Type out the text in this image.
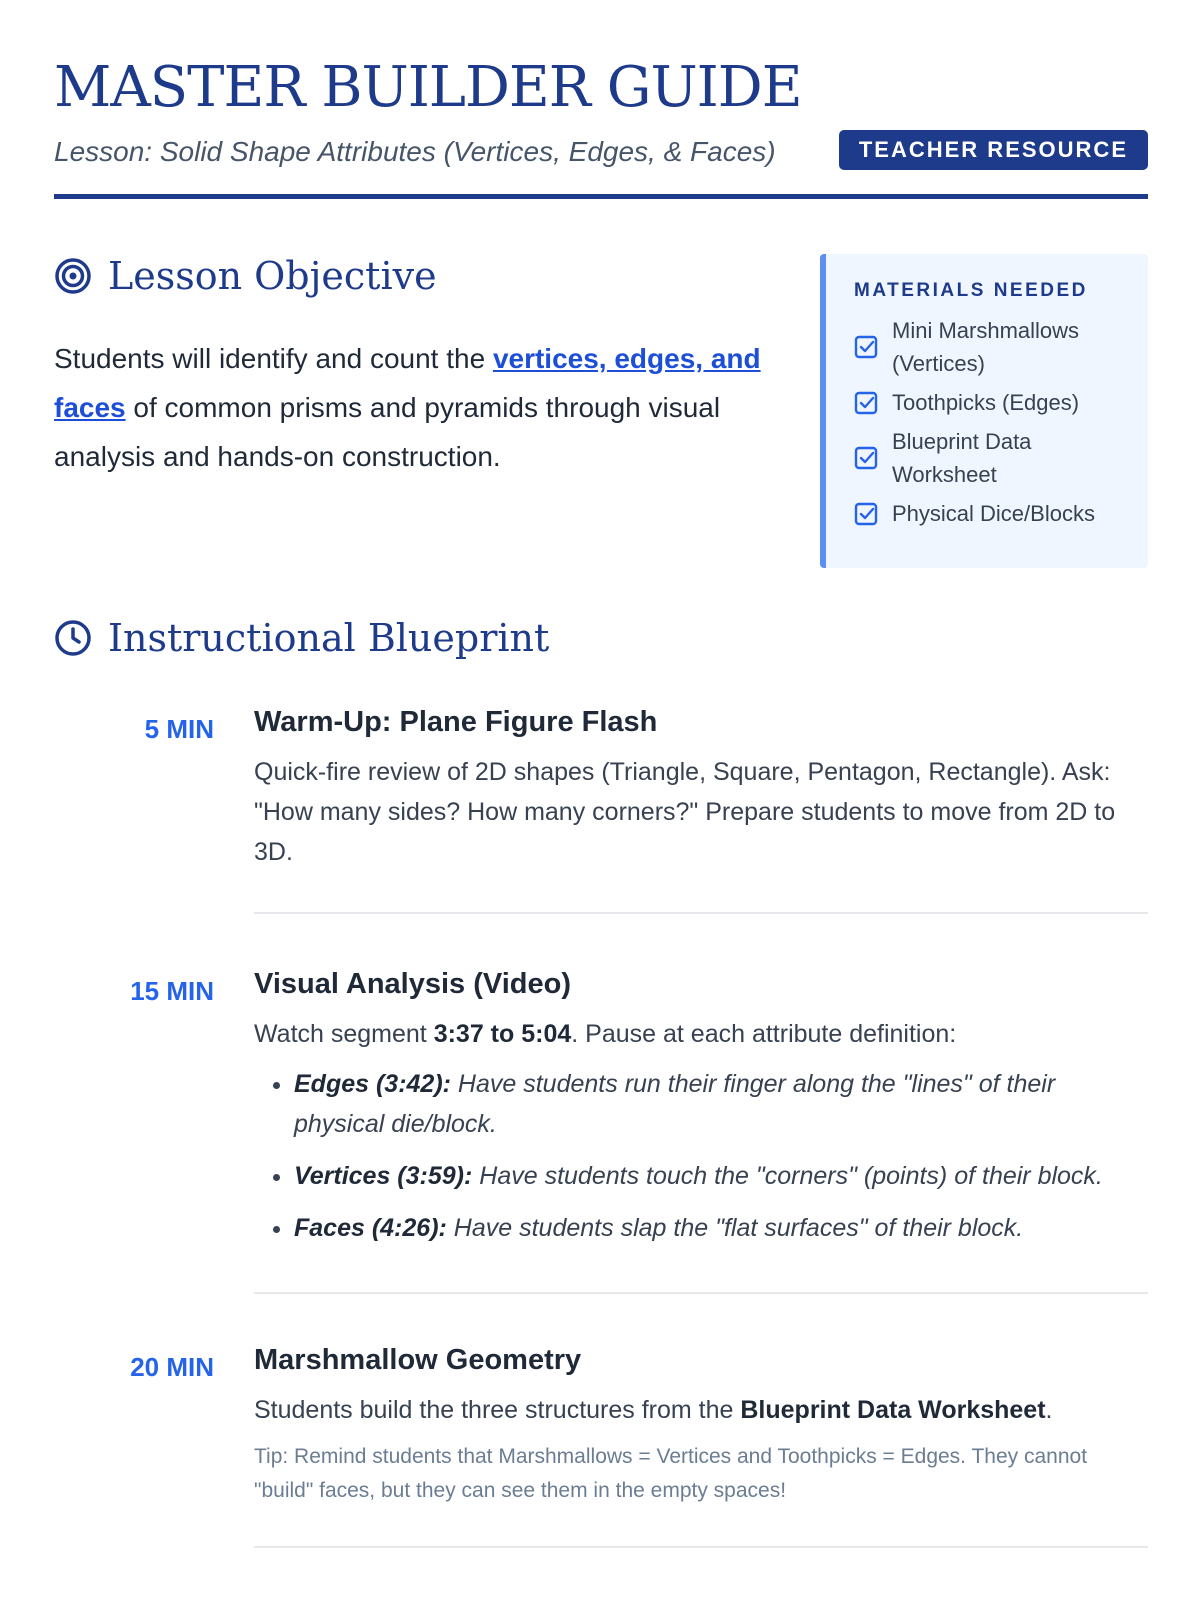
MASTER BUILDER GUIDE
Lesson: Solid Shape Attributes (Vertices, Edges, & Faces)	TEACHER RESOURCE
Lesson Objective
Students will identify and count the vertices, edges, and faces of common prisms and pyramids through visual analysis and hands-on construction.
MATERIALS NEEDED
Mini Marshmallows (Vertices)
Toothpicks (Edges)
Blueprint Data Worksheet
Physical Dice/Blocks
Instructional Blueprint
5 MIN Warm-Up: Plane Figure Flash
Quick-fire review of 2D shapes (Triangle, Square, Pentagon, Rectangle). Ask: "How many sides? How many corners?" Prepare students to move from 2D to 3D.
15 MIN Visual Analysis (Video)
Watch segment 3:37 to 5:04. Pause at each attribute definition:
• Edges (3:42): Have students run their finger along the "lines" of their physical die/block.
• Vertices (3:59): Have students touch the "corners" (points) of their block.
• Faces (4:26): Have students slap the "flat surfaces" of their block.
20 MIN Marshmallow Geometry
Students build the three structures from the Blueprint Data Worksheet.
Tip: Remind students that Marshmallows = Vertices and Toothpicks = Edges. They cannot "build" faces, but they can see them in the empty spaces!
